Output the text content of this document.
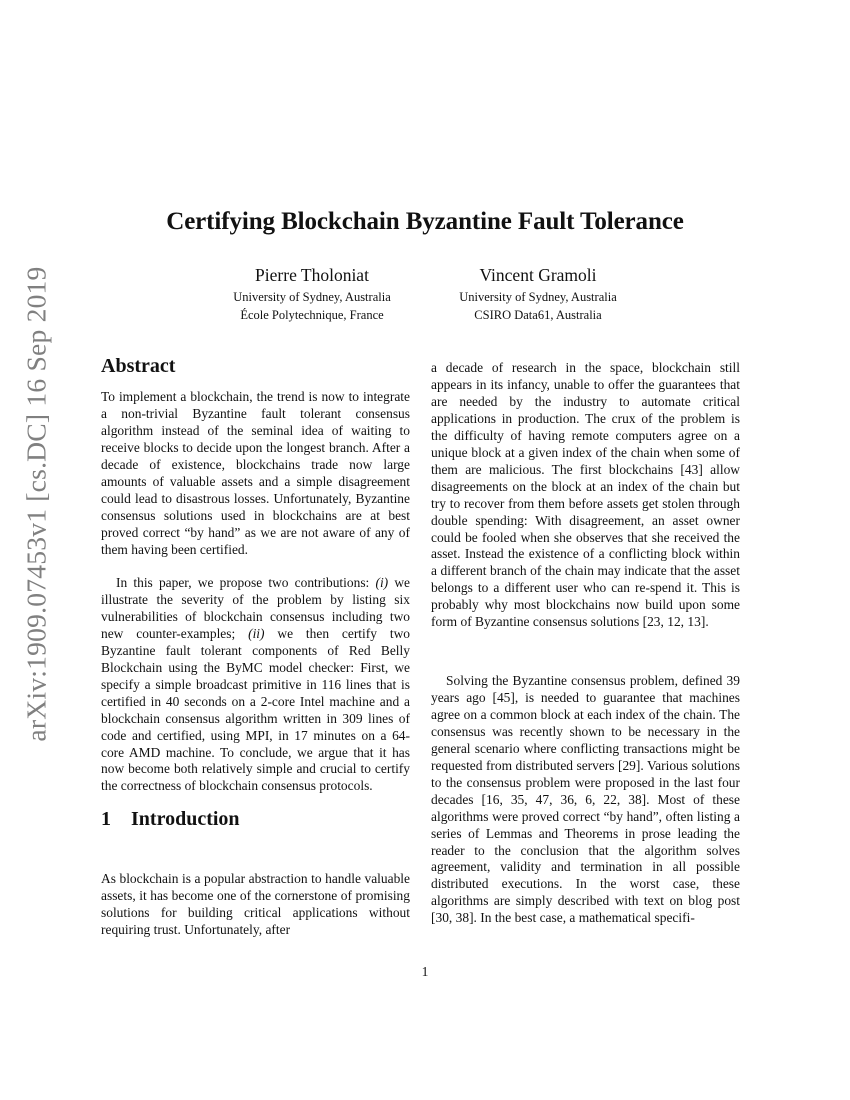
arXiv:1909.07453v1 [cs.DC] 16 Sep 2019
Certifying Blockchain Byzantine Fault Tolerance
Pierre Tholoniat
University of Sydney, Australia
École Polytechnique, France
Vincent Gramoli
University of Sydney, Australia
CSIRO Data61, Australia
Abstract

To implement a blockchain, the trend is now to integrate a non-trivial Byzantine fault tolerant consensus algorithm instead of the seminal idea of waiting to receive blocks to decide upon the longest branch. After a decade of existence, blockchains trade now large amounts of valuable assets and a simple disagreement could lead to disastrous losses. Unfortunately, Byzantine consensus solutions used in blockchains are at best proved correct “by hand” as we are not aware of any of them having been certified.

In this paper, we propose two contributions: (i) we illustrate the severity of the problem by listing six vulnerabilities of blockchain consensus including two new counter-examples; (ii) we then certify two Byzantine fault tolerant components of Red Belly Blockchain using the ByMC model checker: First, we specify a simple broadcast primitive in 116 lines that is certified in 40 seconds on a 2-core Intel machine and a blockchain consensus algorithm written in 309 lines of code and certified, using MPI, in 17 minutes on a 64-core AMD machine. To conclude, we argue that it has now become both relatively simple and crucial to certify the correctness of blockchain consensus protocols.

1 Introduction

As blockchain is a popular abstraction to handle valuable assets, it has become one of the cornerstone of promising solutions for building critical applications without requiring trust. Unfortunately, after

a decade of research in the space, blockchain still appears in its infancy, unable to offer the guarantees that are needed by the industry to automate critical applications in production. The crux of the problem is the difficulty of having remote computers agree on a unique block at a given index of the chain when some of them are malicious. The first blockchains [43] allow disagreements on the block at an index of the chain but try to recover from them before assets get stolen through double spending: With disagreement, an asset owner could be fooled when she observes that she received the asset. Instead the existence of a conflicting block within a different branch of the chain may indicate that the asset belongs to a different user who can re-spend it. This is probably why most blockchains now build upon some form of Byzantine consensus solutions [23, 12, 13].

Solving the Byzantine consensus problem, defined 39 years ago [45], is needed to guarantee that machines agree on a common block at each index of the chain. The consensus was recently shown to be necessary in the general scenario where conflicting transactions might be requested from distributed servers [29]. Various solutions to the consensus problem were proposed in the last four decades [16, 35, 47, 36, 6, 22, 38]. Most of these algorithms were proved correct “by hand”, often listing a series of Lemmas and Theorems in prose leading the reader to the conclusion that the algorithm solves agreement, validity and termination in all possible distributed executions. In the worst case, these algorithms are simply described with text on blog post [30, 38]. In the best case, a mathematical specifi-

1
